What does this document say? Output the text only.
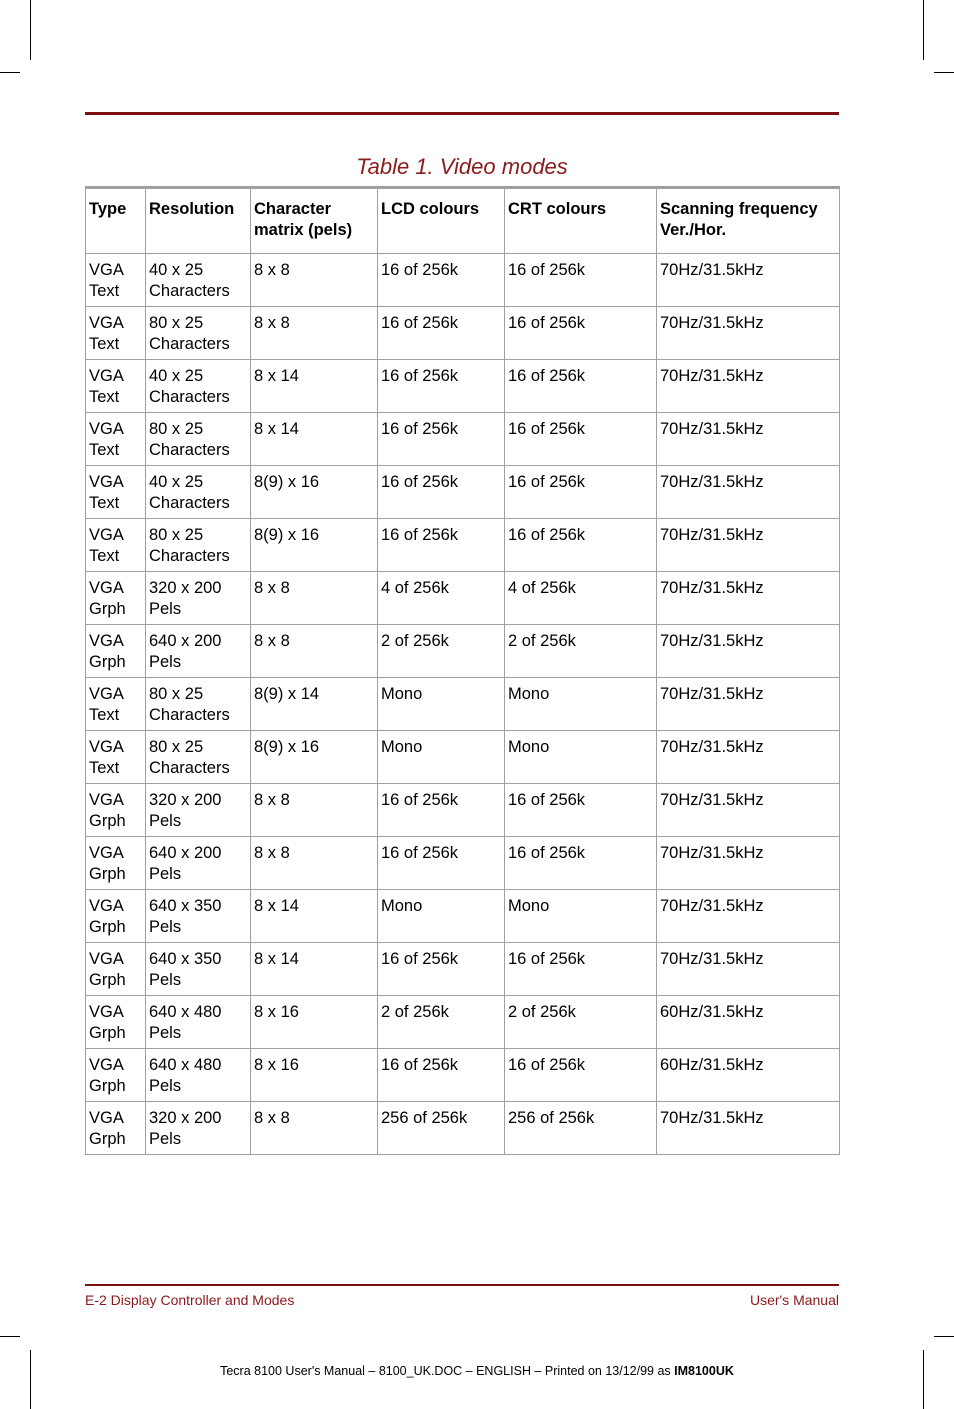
Table 1. Video modes
Type	Resolution	Character matrix (pels)	LCD colours	CRT colours	Scanning frequency Ver./Hor.
VGA Text	40 x 25 Characters	8 x 8	16 of 256k	16 of 256k	70Hz/31.5kHz
VGA Text	80 x 25 Characters	8 x 8	16 of 256k	16 of 256k	70Hz/31.5kHz
VGA Text	40 x 25 Characters	8 x 14	16 of 256k	16 of 256k	70Hz/31.5kHz
VGA Text	80 x 25 Characters	8 x 14	16 of 256k	16 of 256k	70Hz/31.5kHz
VGA Text	40 x 25 Characters	8(9) x 16	16 of 256k	16 of 256k	70Hz/31.5kHz
VGA Text	80 x 25 Characters	8(9) x 16	16 of 256k	16 of 256k	70Hz/31.5kHz
VGA Grph	320 x 200 Pels	8 x 8	4 of 256k	4 of 256k	70Hz/31.5kHz
VGA Grph	640 x 200 Pels	8 x 8	2 of 256k	2 of 256k	70Hz/31.5kHz
VGA Text	80 x 25 Characters	8(9) x 14	Mono	Mono	70Hz/31.5kHz
VGA Text	80 x 25 Characters	8(9) x 16	Mono	Mono	70Hz/31.5kHz
VGA Grph	320 x 200 Pels	8 x 8	16 of 256k	16 of 256k	70Hz/31.5kHz
VGA Grph	640 x 200 Pels	8 x 8	16 of 256k	16 of 256k	70Hz/31.5kHz
VGA Grph	640 x 350 Pels	8 x 14	Mono	Mono	70Hz/31.5kHz
VGA Grph	640 x 350 Pels	8 x 14	16 of 256k	16 of 256k	70Hz/31.5kHz
VGA Grph	640 x 480 Pels	8 x 16	2 of 256k	2 of 256k	60Hz/31.5kHz
VGA Grph	640 x 480 Pels	8 x 16	16 of 256k	16 of 256k	60Hz/31.5kHz
VGA Grph	320 x 200 Pels	8 x 8	256 of 256k	256 of 256k	70Hz/31.5kHz
E-2 Display Controller and Modes	User's Manual
Tecra 8100 User's Manual – 8100_UK.DOC – ENGLISH – Printed on 13/12/99 as IM8100UK
